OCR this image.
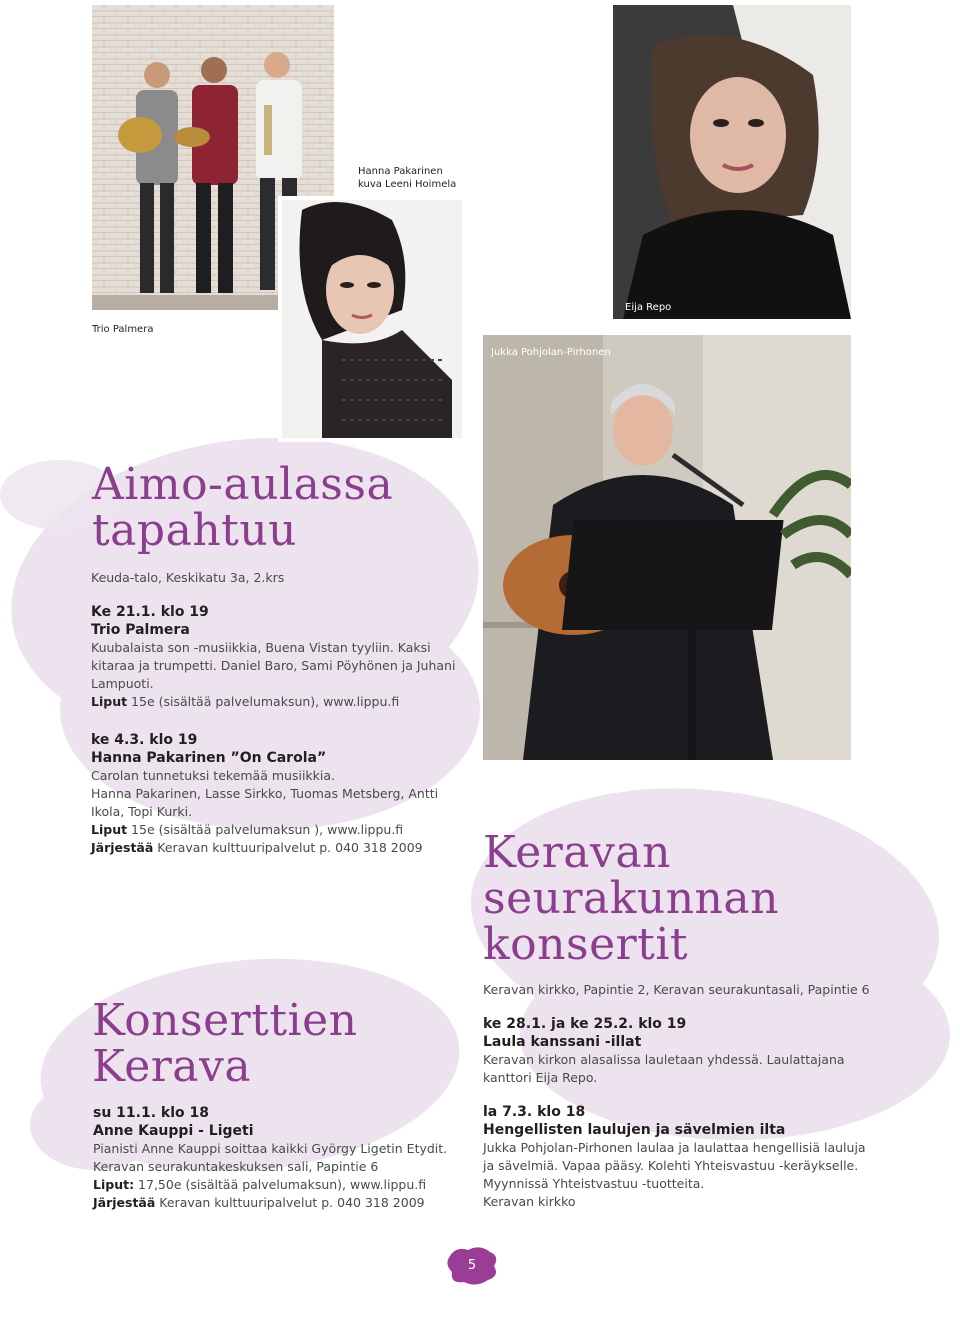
Trio Palmera
Hanna Pakarinen
kuva Leeni Hoimela
Eija Repo
Jukka Pohjolan-Pirhonen
Aimo-aulassa
tapahtuu

Keuda-talo, Keskikatu 3a, 2.krs

Ke 21.1. klo 19
Trio Palmera

Kuubalaista son -musiikkia, Buena Vistan tyyliin. Kaksi

kitaraa ja trumpetti. Daniel Baro, Sami Pöyhönen ja Juhani

Lampuoti.

Liput 15e (sisältää palvelumaksun), www.lippu.fi

ke 4.3. klo 19
Hanna Pakarinen ”On Carola”

Carolan tunnetuksi tekemää musiikkia.

Hanna Pakarinen, Lasse Sirkko, Tuomas Metsberg, Antti

Ikola, Topi Kurki.

Liput 15e (sisältää palvelumaksun ), www.lippu.fi

Järjestää Keravan kulttuuripalvelut p. 040 318 2009	Keravan
seurakunnan
konsertit

Keravan kirkko, Papintie 2, Keravan seurakuntasali, Papintie 6

ke 28.1. ja ke 25.2. klo 19
Laula kanssani -illat

Keravan kirkon alasalissa lauletaan yhdessä. Laulattajana

kanttori Eija Repo.

la 7.3. klo 18
Hengellisten laulujen ja sävelmien ilta

Jukka Pohjolan-Pirhonen laulaa ja laulattaa hengellisiä lauluja

ja sävelmiä. Vapaa pääsy. Kolehti Yhteisvastuu -keräykselle.

Myynnissä Yhteistvastuu -tuotteita.

Keravan kirkko

Konserttien
Kerava
su 11.1. klo 18
Anne Kauppi - Ligeti

Pianisti Anne Kauppi soittaa kaikki György Ligetin Etydit.

Keravan seurakuntakeskuksen sali, Papintie 6

Liput: 17,50e (sisältää palvelumaksun), www.lippu.fi

Järjestää Keravan kulttuuripalvelut p. 040 318 2009

5
